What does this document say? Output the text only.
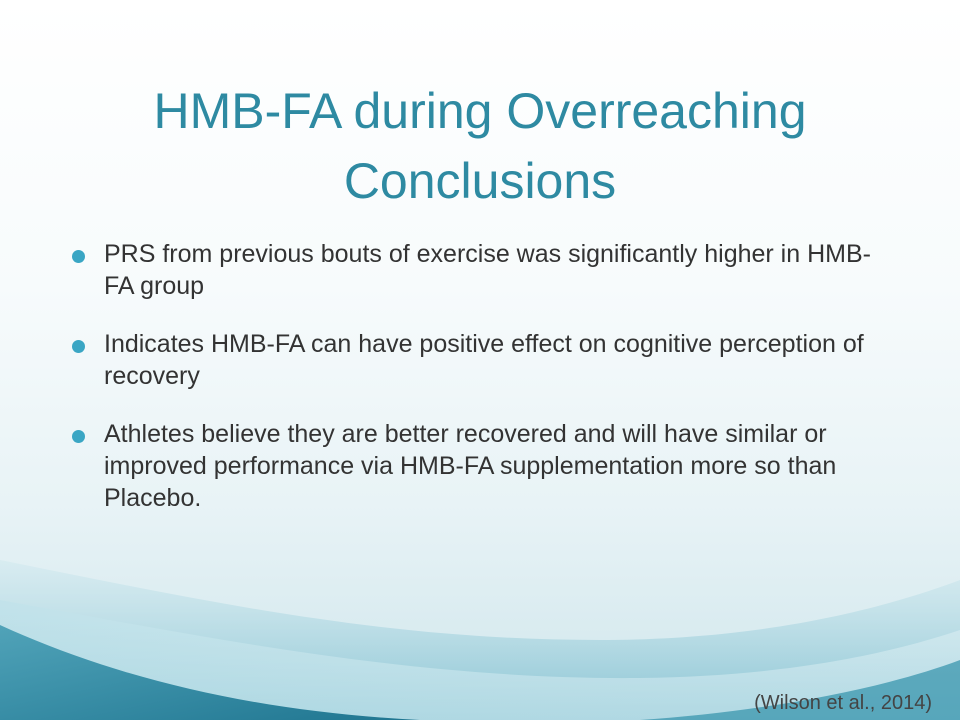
HMB-FA during Overreaching Conclusions
PRS from previous bouts of exercise was significantly higher in HMB-FA group
Indicates HMB-FA can have positive effect on cognitive perception of recovery
Athletes believe they are better recovered and will have similar or improved performance via HMB-FA supplementation more so than Placebo.
(Wilson et al., 2014)
